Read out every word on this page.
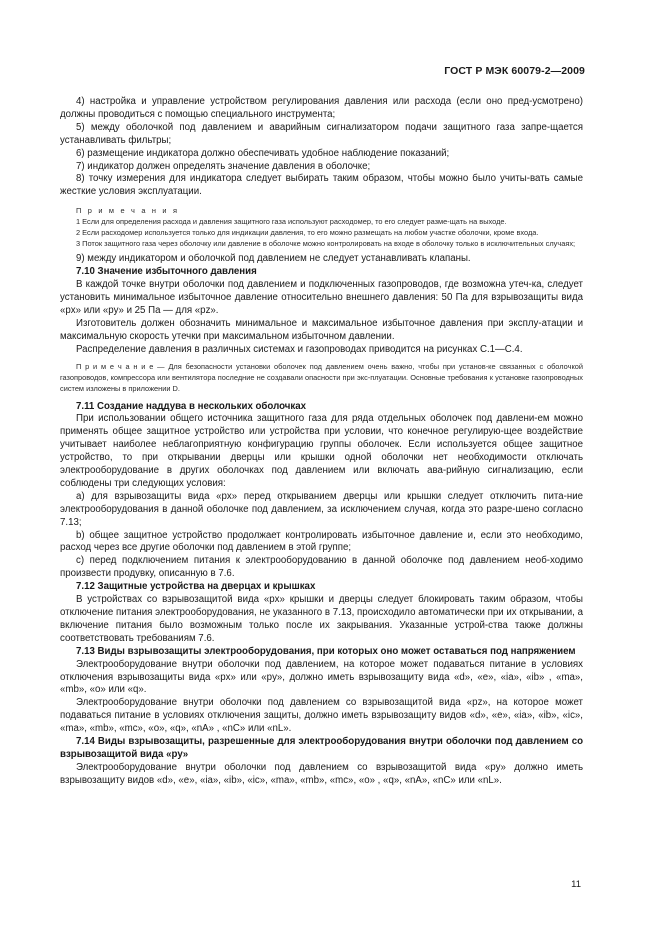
ГОСТ Р МЭК 60079-2—2009

4) настройка и управление устройством регулирования давления или расхода (если оно пред-усмотрено) должны проводиться с помощью специального инструмента;

5) между оболочкой под давлением и аварийным сигнализатором подачи защитного газа запре-щается устанавливать фильтры;

6) размещение индикатора должно обеспечивать удобное наблюдение показаний;

7) индикатор должен определять значение давления в оболочке;

8) точку измерения для индикатора следует выбирать таким образом, чтобы можно было учиты-вать самые жесткие условия эксплуатации.

П р и м е ч а н и я

1 Если для определения расхода и давления защитного газа используют расходомер, то его следует разме-щать на выходе.

2 Если расходомер используется только для индикации давления, то его можно размещать на любом участке оболочки, кроме входа.

3 Поток защитного газа через оболочку или давление в оболочке можно контролировать на входе в оболочку только в исключительных случаях;

9) между индикатором и оболочкой под давлением не следует устанавливать клапаны.

7.10 Значение избыточного давления

В каждой точке внутри оболочки под давлением и подключенных газопроводов, где возможна утеч-ка, следует установить минимальное избыточное давление относительно внешнего давления: 50 Па для взрывозащиты вида «px» или «py» и 25 Па — для «pz».

Изготовитель должен обозначить минимальное и максимальное избыточное давления при эксплу-атации и максимальную скорость утечки при максимальном избыточном давлении.

Распределение давления в различных системах и газопроводах приводится на рисунках С.1—С.4.

П р и м е ч а н и е — Для безопасности установки оболочек под давлением очень важно, чтобы при установ-ке связанных с оболочкой газопроводов, компрессора или вентилятора последние не создавали опасности при экс-плуатации. Основные требования к установке газопроводных систем изложены в приложении D.

7.11 Создание наддува в нескольких оболочках

При использовании общего источника защитного газа для ряда отдельных оболочек под давлени-ем можно применять общее защитное устройство или устройства при условии, что конечное регулирую-щее воздействие учитывает наиболее неблагоприятную конфигурацию группы оболочек. Если используется общее защитное устройство, то при открывании дверцы или крышки одной оболочки нет необходимости отключать электрооборудование в других оболочках под давлением или включать ава-рийную сигнализацию, если соблюдены три следующих условия:

a) для взрывозащиты вида «px» перед открыванием дверцы или крышки следует отключить пита-ние электрооборудования в данной оболочке под давлением, за исключением случая, когда это разре-шено согласно 7.13;

b) общее защитное устройство продолжает контролировать избыточное давление и, если это необходимо, расход через все другие оболочки под давлением в этой группе;

c) перед подключением питания к электрооборудованию в данной оболочке под давлением необ-ходимо произвести продувку, описанную в 7.6.

7.12 Защитные устройства на дверцах и крышках

В устройствах со взрывозащитой вида «px» крышки и дверцы следует блокировать таким образом, чтобы отключение питания электрооборудования, не указанного в 7.13, происходило автоматически при их открывании, а включение питания было возможным только после их закрывания. Указанные устрой-ства также должны соответствовать требованиям 7.6.

7.13 Виды взрывозащиты электрооборудования, при которых оно может оставаться под напряжением

Электрооборудование внутри оболочки под давлением, на которое может подаваться питание в условиях отключения взрывозащиты вида «px» или «py», должно иметь взрывозащиту вида «d», «e», «ia», «ib» , «ma», «mb», «o» или «q».

Электрооборудование внутри оболочки под давлением со взрывозащитой вида «pz», на которое может подаваться питание в условиях отключения защиты, должно иметь взрывозащиту видов «d», «e», «ia», «ib», «ic», «ma», «mb», «mc», «o», «q», «nA» , «nC» или «nL».

7.14 Виды взрывозащиты, разрешенные для электрооборудования внутри оболочки под давлением со взрывозащитой вида «py»

Электрооборудование внутри оболочки под давлением со взрывозащитой вида «py» должно иметь взрывозащиту видов «d», «e», «ia», «ib», «ic», «ma», «mb», «mc», «o» , «q», «nA», «nC» или «nL».

11
